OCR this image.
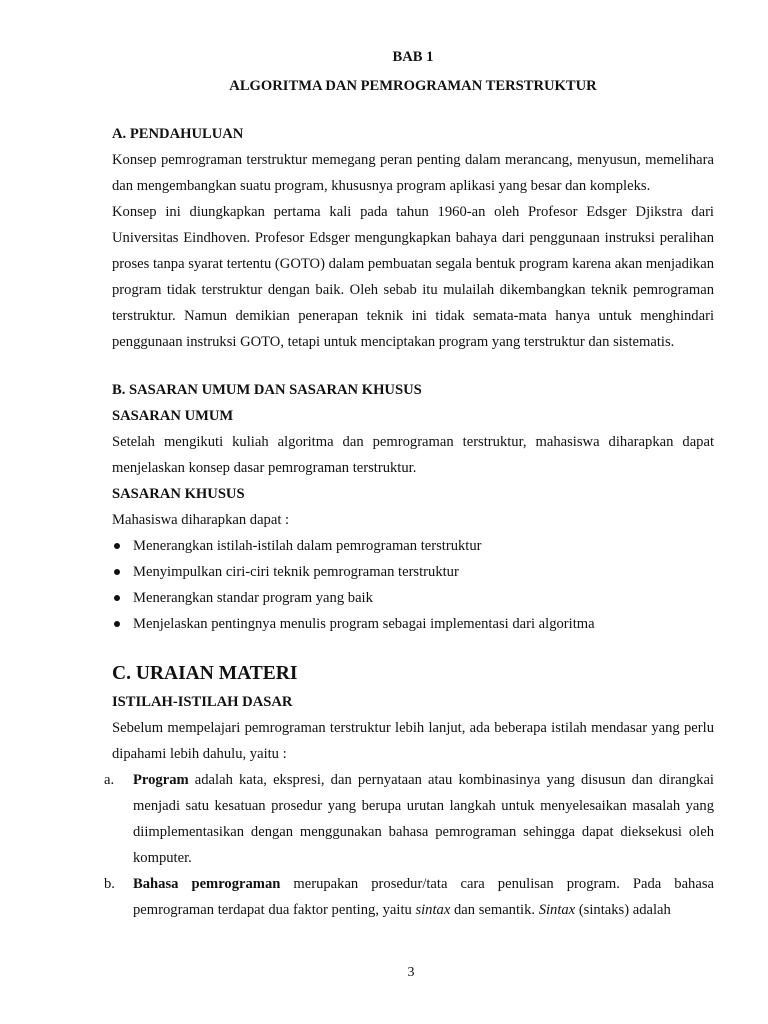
BAB 1
ALGORITMA DAN PEMROGRAMAN TERSTRUKTUR
A. PENDAHULUAN

Konsep pemrograman terstruktur memegang peran penting dalam merancang, menyusun, memelihara dan mengembangkan suatu program, khususnya program aplikasi yang besar dan kompleks.

Konsep ini diungkapkan pertama kali pada tahun 1960-an oleh Profesor Edsger Djikstra dari Universitas Eindhoven. Profesor Edsger mengungkapkan bahaya dari penggunaan instruksi peralihan proses tanpa syarat tertentu (GOTO) dalam pembuatan segala bentuk program karena akan menjadikan program tidak terstruktur dengan baik. Oleh sebab itu mulailah dikembangkan teknik pemrograman terstruktur. Namun demikian penerapan teknik ini tidak semata-mata hanya untuk menghindari penggunaan instruksi GOTO, tetapi untuk menciptakan program yang terstruktur dan sistematis.

B. SASARAN UMUM DAN SASARAN KHUSUS
SASARAN UMUM

Setelah mengikuti kuliah algoritma dan pemrograman terstruktur, mahasiswa diharapkan dapat menjelaskan konsep dasar pemrograman terstruktur.

SASARAN KHUSUS
Mahasiswa diharapkan dapat :
Menerangkan istilah-istilah dalam pemrograman terstruktur
Menyimpulkan ciri-ciri teknik pemrograman terstruktur
Menerangkan standar program yang baik
Menjelaskan pentingnya menulis program sebagai implementasi dari algoritma
C. URAIAN MATERI
ISTILAH-ISTILAH DASAR

Sebelum mempelajari pemrograman terstruktur lebih lanjut, ada beberapa istilah mendasar yang perlu dipahami lebih dahulu, yaitu :

a. Program adalah kata, ekspresi, dan pernyataan atau kombinasinya yang disusun dan dirangkai menjadi satu kesatuan prosedur yang berupa urutan langkah untuk menyelesaikan masalah yang diimplementasikan dengan menggunakan bahasa pemrograman sehingga dapat dieksekusi oleh komputer.
b. Bahasa pemrograman merupakan prosedur/tata cara penulisan program. Pada bahasa pemrograman terdapat dua faktor penting, yaitu sintax dan semantik. Sintax (sintaks) adalah
3
